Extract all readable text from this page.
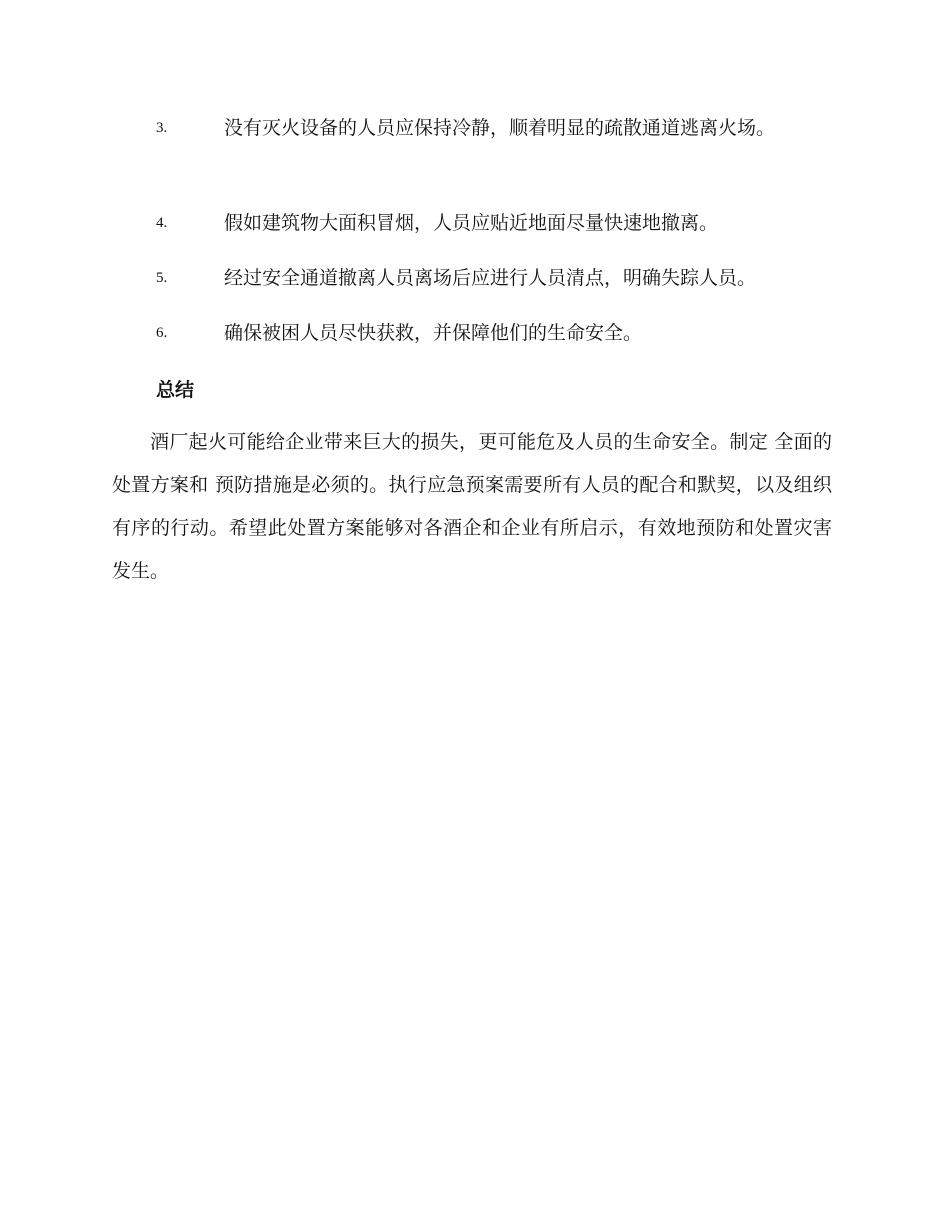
3.	没有灭火设备的人员应保持冷静，顺着明显的疏散通道逃离火场。
4.	假如建筑物大面积冒烟，人员应贴近地面尽量快速地撤离。
5.	经过安全通道撤离人员离场后应进行人员清点，明确失踪人员。
6.	确保被困人员尽快获救，并保障他们的生命安全。
总结

酒厂起火可能给企业带来巨大的损失，更可能危及人员的生命安全。制定 全面的处置方案和 预防措施是必须的。执行应急预案需要所有人员的配合和默契，以及组织有序的行动。希望此处置方案能够对各酒企和企业有所启示，有效地预防和处置灾害发生。
